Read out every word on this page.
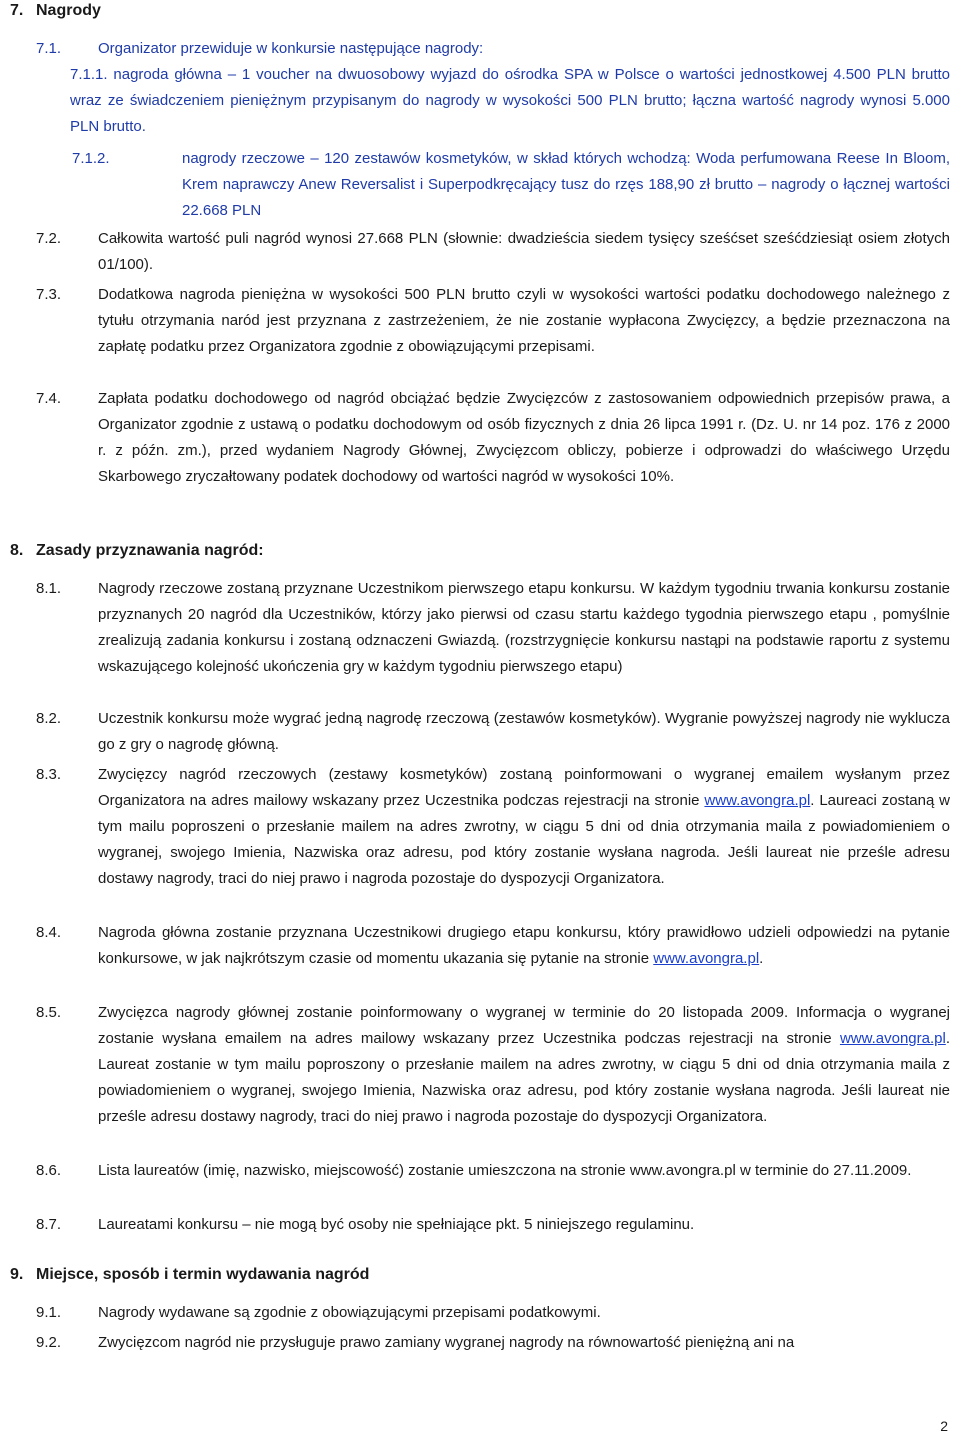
7. Nagrody
7.1.	Organizator przewiduje w konkursie następujące nagrody:
7.1.1. nagroda główna – 1 voucher na dwuosobowy wyjazd do ośrodka SPA w Polsce o wartości jednostkowej 4.500 PLN brutto wraz ze świadczeniem pieniężnym przypisanym do nagrody w wysokości 500 PLN brutto; łączna wartość nagrody wynosi 5.000 PLN brutto.
7.1.2.	nagrody rzeczowe – 120 zestawów kosmetyków, w skład których wchodzą: Woda perfumowana Reese In Bloom, Krem naprawczy Anew Reversalist i Superpodkręcający tusz do rzęs 188,90 zł brutto – nagrody o łącznej wartości 22.668 PLN
7.2.	Całkowita wartość puli nagród wynosi 27.668 PLN (słownie: dwadzieścia siedem tysięcy sześćset sześćdziesiąt osiem złotych 01/100).
7.3.	Dodatkowa nagroda pieniężna w wysokości 500 PLN brutto czyli w wysokości wartości podatku dochodowego należnego z tytułu otrzymania naród jest przyznana z zastrzeżeniem, że nie zostanie wypłacona Zwycięzcy, a będzie przeznaczona na zapłatę podatku przez Organizatora zgodnie z obowiązującymi przepisami.
7.4.	Zapłata podatku dochodowego od nagród obciążać będzie Zwycięzców z zastosowaniem odpowiednich przepisów prawa, a Organizator zgodnie z ustawą o podatku dochodowym od osób fizycznych z dnia 26 lipca 1991 r. (Dz. U. nr 14 poz. 176 z 2000 r. z późn. zm.), przed wydaniem Nagrody Głównej, Zwycięzcom obliczy, pobierze i odprowadzi do właściwego Urzędu Skarbowego zryczałtowany podatek dochodowy od wartości nagród w wysokości 10%.
8. Zasady przyznawania nagród:
8.1.	Nagrody rzeczowe zostaną przyznane Uczestnikom pierwszego etapu konkursu. W każdym tygodniu trwania konkursu zostanie przyznanych 20 nagród dla Uczestników, którzy jako pierwsi od czasu startu każdego tygodnia pierwszego etapu , pomyślnie zrealizują zadania konkursu i zostaną odznaczeni Gwiazdą. (rozstrzygnięcie konkursu nastąpi na podstawie raportu z systemu wskazującego kolejność ukończenia gry w każdym tygodniu pierwszego etapu)
8.2.	Uczestnik konkursu może wygrać jedną nagrodę rzeczową (zestawów kosmetyków). Wygranie powyższej nagrody nie wyklucza go z gry o nagrodę główną.
8.3.	Zwycięzcy nagród rzeczowych (zestawy kosmetyków) zostaną poinformowani o wygranej emailem wysłanym przez Organizatora na adres mailowy wskazany przez Uczestnika podczas rejestracji na stronie www.avongra.pl. Laureaci zostaną w tym mailu poproszeni o przesłanie mailem na adres zwrotny, w ciągu 5 dni od dnia otrzymania maila z powiadomieniem o wygranej, swojego Imienia, Nazwiska oraz adresu, pod który zostanie wysłana nagroda. Jeśli laureat nie prześle adresu dostawy nagrody, traci do niej prawo i nagroda pozostaje do dyspozycji Organizatora.
8.4.	Nagroda główna zostanie przyznana Uczestnikowi drugiego etapu konkursu, który prawidłowo udzieli odpowiedzi na pytanie konkursowe, w jak najkrótszym czasie od momentu ukazania się pytanie na stronie www.avongra.pl.
8.5.	Zwycięzca nagrody głównej zostanie poinformowany o wygranej w terminie do 20 listopada 2009. Informacja o wygranej zostanie wysłana emailem na adres mailowy wskazany przez Uczestnika podczas rejestracji na stronie www.avongra.pl. Laureat zostanie w tym mailu poproszony o przesłanie mailem na adres zwrotny, w ciągu 5 dni od dnia otrzymania maila z powiadomieniem o wygranej, swojego Imienia, Nazwiska oraz adresu, pod który zostanie wysłana nagroda. Jeśli laureat nie prześle adresu dostawy nagrody, traci do niej prawo i nagroda pozostaje do dyspozycji Organizatora.
8.6.	Lista laureatów (imię, nazwisko, miejscowość) zostanie umieszczona na stronie www.avongra.pl w terminie do 27.11.2009.
8.7.	Laureatami konkursu – nie mogą być osoby nie spełniające pkt. 5 niniejszego regulaminu.
9. Miejsce, sposób i termin wydawania nagród
9.1.	Nagrody wydawane są zgodnie z obowiązującymi przepisami podatkowymi.
9.2.	Zwycięzcom nagród nie przysługuje prawo zamiany wygranej nagrody na równowartość pieniężną ani na
2
